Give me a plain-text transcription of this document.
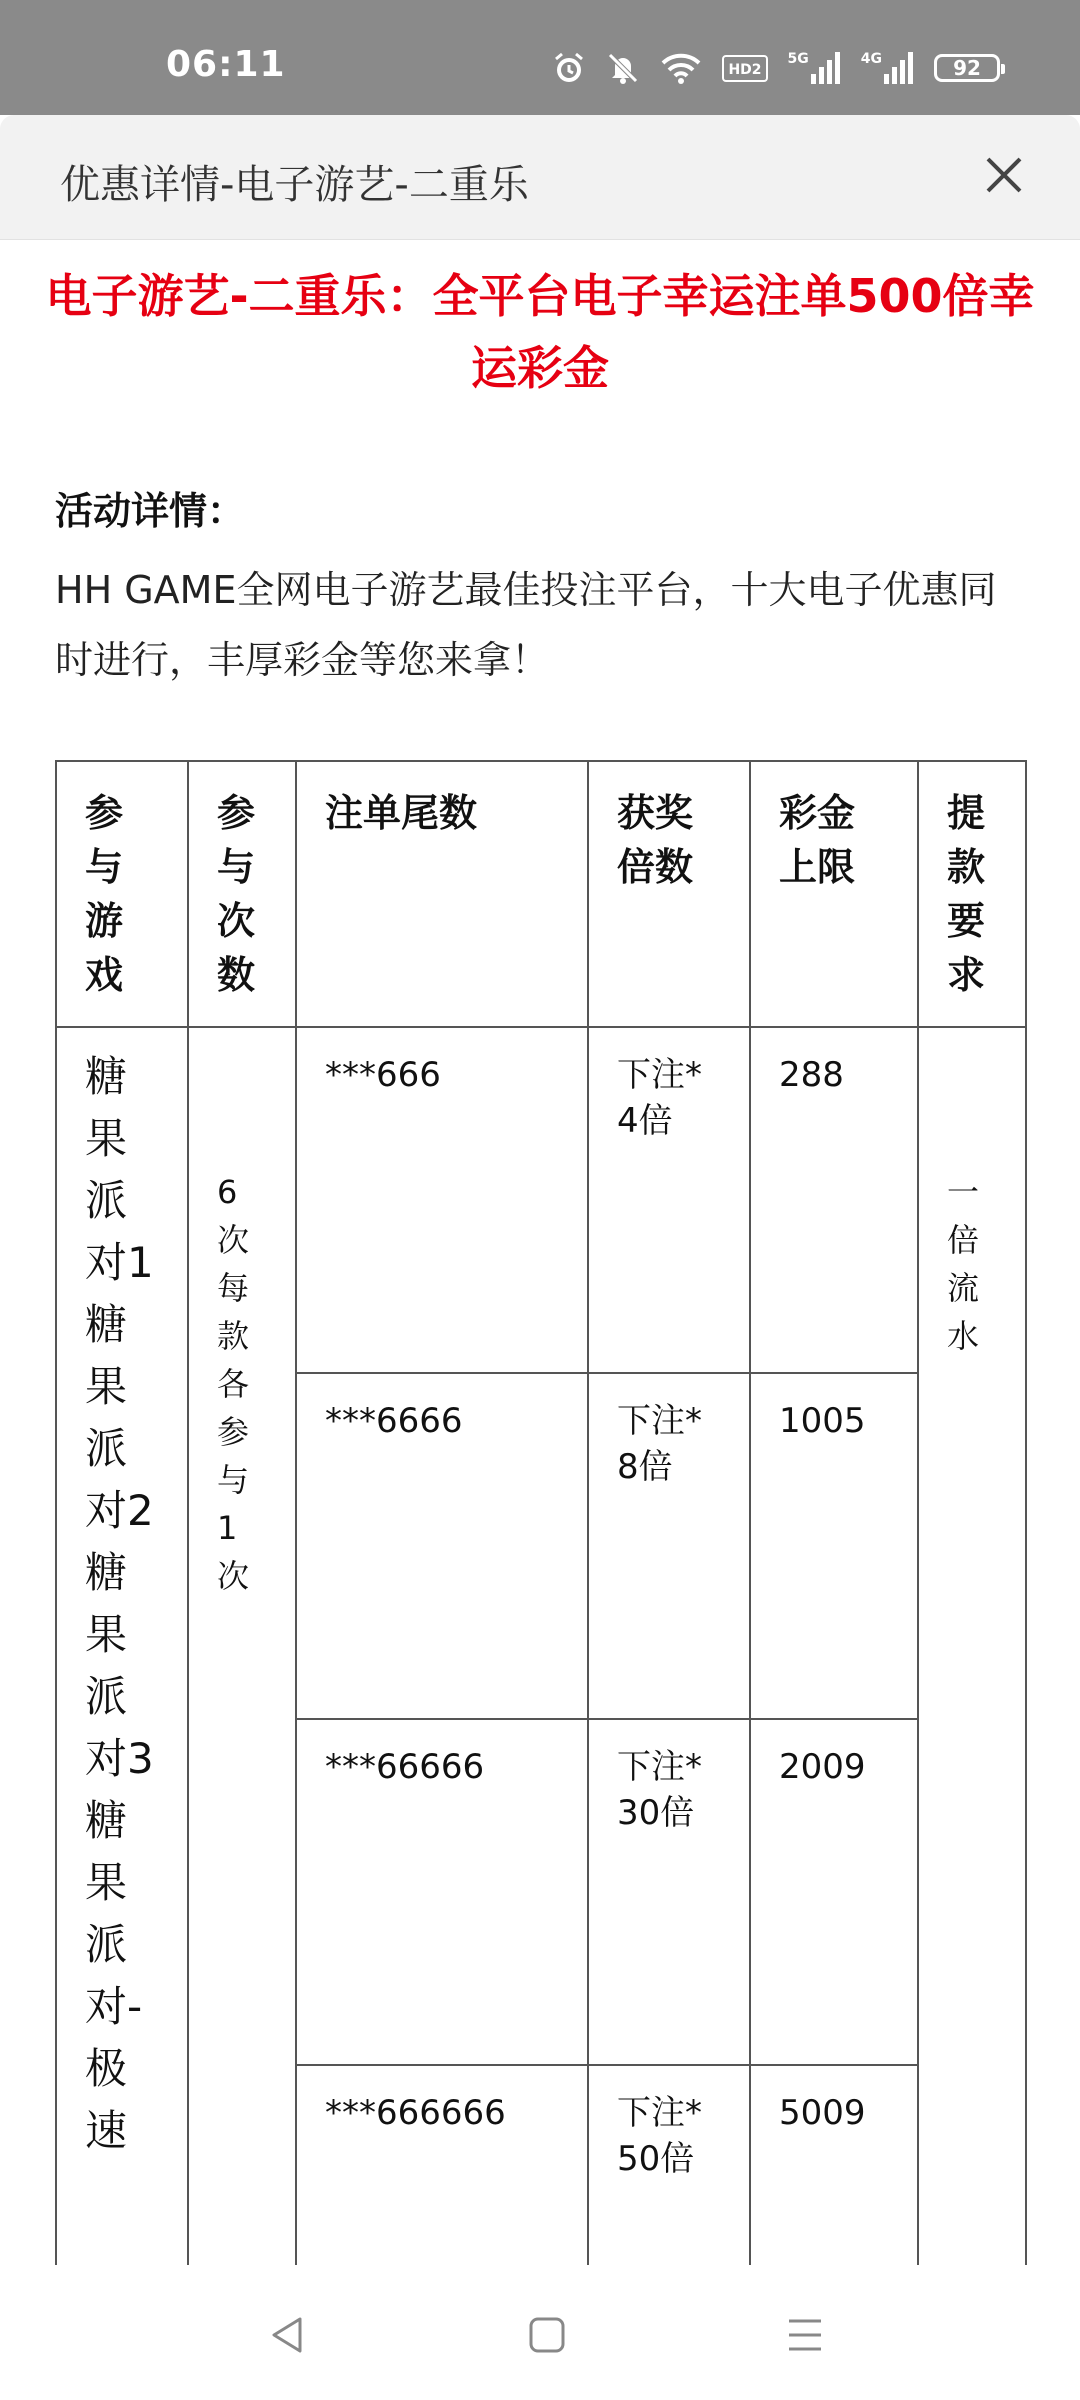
06:11	HD2
5G	4G	92
优惠详情-电子游艺-二重乐
电子游艺-二重乐：全平台电子幸运注单500倍幸运彩金
活动详情：
HH GAME全网电子游艺最佳投注平台，十大电子优惠同时进行，丰厚彩金等您来拿！
参与游戏	参与次数	注单尾数	获奖倍数	彩金上限	提款要求
糖果派对1糖果派对2糖果派对3糖果派对-极速	6次每款各参与1次	***666	下注*4倍	288	一倍流水
		***6666	下注*8倍	1005	
		***66666	下注*30倍	2009	
		***666666	下注*50倍	5009	
